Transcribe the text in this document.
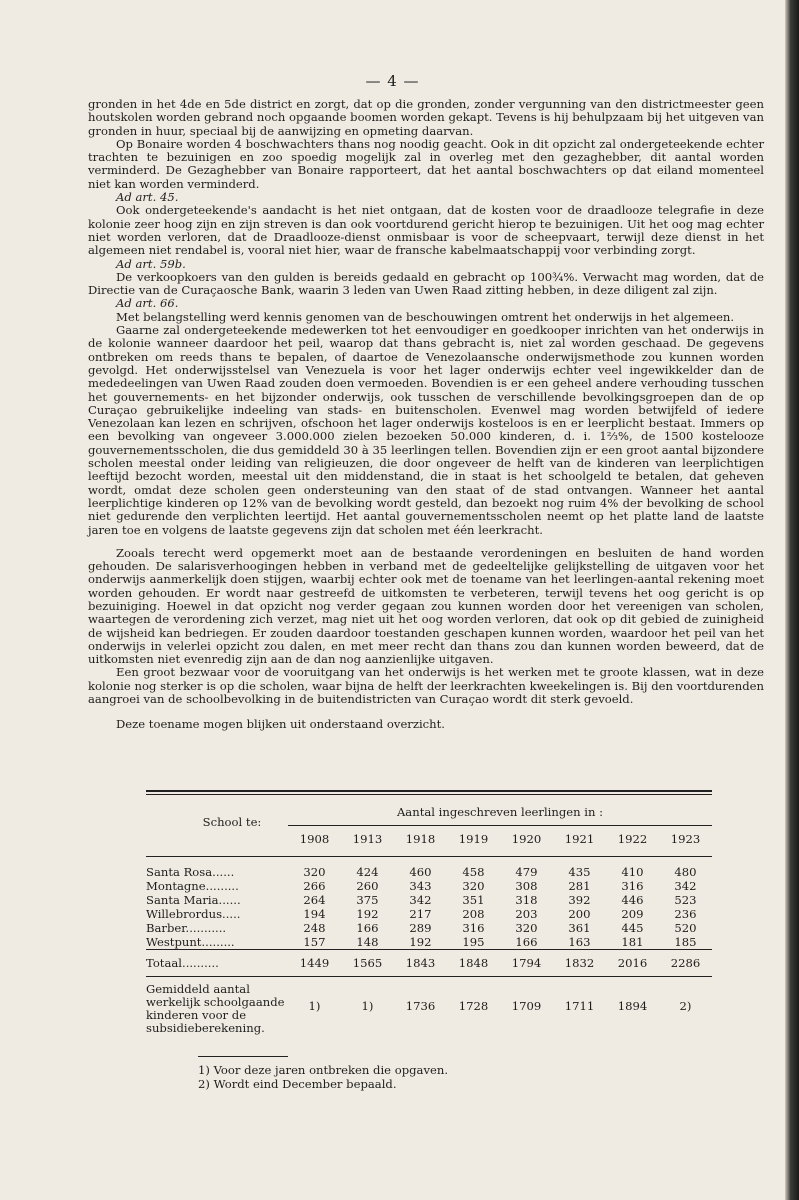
— 4 —

gronden in het 4de en 5de district en zorgt, dat op die gronden, zonder vergunning van den districtmeester geen houtskolen worden gebrand noch opgaande boomen worden gekapt. Tevens is hij behulpzaam bij het uitgeven van gronden in huur, speciaal bij de aanwijzing en opmeting daarvan.

Op Bonaire worden 4 boschwachters thans nog noodig geacht. Ook in dit opzicht zal ondergeteekende echter trachten te bezuinigen en zoo spoedig mogelijk zal in overleg met den gezaghebber, dit aantal worden verminderd. De Gezaghebber van Bonaire rapporteert, dat het aantal boschwachters op dat eiland momenteel niet kan worden verminderd.

Ad art. 45.

Ook ondergeteekende's aandacht is het niet ontgaan, dat de kosten voor de draadlooze telegrafie in deze kolonie zeer hoog zijn en zijn streven is dan ook voortdurend gericht hierop te bezuinigen. Uit het oog mag echter niet worden verloren, dat de Draadlooze-dienst onmisbaar is voor de scheepvaart, terwijl deze dienst in het algemeen niet rendabel is, vooral niet hier, waar de fransche kabelmaatschappij voor verbinding zorgt.

Ad art. 59b.

De verkoopkoers van den gulden is bereids gedaald en gebracht op 100¾%. Verwacht mag worden, dat de Directie van de Curaçaosche Bank, waarin 3 leden van Uwen Raad zitting hebben, in deze diligent zal zijn.

Ad art. 66.

Met belangstelling werd kennis genomen van de beschouwingen omtrent het onderwijs in het algemeen.

Gaarne zal ondergeteekende medewerken tot het eenvoudiger en goedkooper inrichten van het onderwijs in de kolonie wanneer daardoor het peil, waarop dat thans gebracht is, niet zal worden geschaad. De gegevens ontbreken om reeds thans te bepalen, of daartoe de Venezolaansche onderwijsmethode zou kunnen worden gevolgd. Het onderwijsstelsel van Venezuela is voor het lager onderwijs echter veel ingewikkelder dan de mededeelingen van Uwen Raad zouden doen vermoeden. Bovendien is er een geheel andere verhouding tusschen het gouvernements- en het bijzonder onderwijs, ook tusschen de verschillende bevolkingsgroepen dan de op Curaçao gebruikelijke indeeling van stads- en buitenscholen. Evenwel mag worden betwijfeld of iedere Venezolaan kan lezen en schrijven, ofschoon het lager onderwijs kosteloos is en er leerplicht bestaat. Immers op een bevolking van ongeveer 3.000.000 zielen bezoeken 50.000 kinderen, d. i. 1⅔%, de 1500 kostelooze gouvernementsscholen, die dus gemiddeld 30 à 35 leerlingen tellen. Bovendien zijn er een groot aantal bijzondere scholen meestal onder leiding van religieuzen, die door ongeveer de helft van de kinderen van leerplichtigen leeftijd bezocht worden, meestal uit den middenstand, die in staat is het schoolgeld te betalen, dat geheven wordt, omdat deze scholen geen ondersteuning van den staat of de stad ontvangen. Wanneer het aantal leerplichtige kinderen op 12% van de bevolking wordt gesteld, dan bezoekt nog ruim 4% der bevolking de school niet gedurende den verplichten leertijd. Het aantal gouvernementsscholen neemt op het platte land de laatste jaren toe en volgens de laatste gegevens zijn dat scholen met één leerkracht.

Zooals terecht werd opgemerkt moet aan de bestaande verordeningen en besluiten de hand worden gehouden. De salarisverhoogingen hebben in verband met de gedeeltelijke gelijkstelling de uitgaven voor het onderwijs aanmerkelijk doen stijgen, waarbij echter ook met de toename van het leerlingen-aantal rekening moet worden gehouden. Er wordt naar gestreefd de uitkomsten te verbeteren, terwijl tevens het oog gericht is op bezuiniging. Hoewel in dat opzicht nog verder gegaan zou kunnen worden door het vereenigen van scholen, waartegen de verordening zich verzet, mag niet uit het oog worden verloren, dat ook op dit gebied de zuinigheid de wijsheid kan bedriegen. Er zouden daardoor toestanden geschapen kunnen worden, waardoor het peil van het onderwijs in velerlei opzicht zou dalen, en met meer recht dan thans zou dan kunnen worden beweerd, dat de uitkomsten niet evenredig zijn aan de dan nog aanzienlijke uitgaven.

Een groot bezwaar voor de vooruitgang van het onderwijs is het werken met te groote klassen, wat in deze kolonie nog sterker is op die scholen, waar bijna de helft der leerkrachten kweekelingen is. Bij den voortdurenden aangroei van de schoolbevolking in de buitendistricten van Curaçao wordt dit sterk gevoeld.

Deze toename mogen blijken uit onderstaand overzicht.

School te:	Aantal ingeschreven leerlingen in :							
	1908	1913	1918	1919	1920	1921	1922	1923

Santa Rosa......	320	424	460	458	479	435	410	480
Montagne.........	266	260	343	320	308	281	316	342
Santa Maria......	264	375	342	351	318	392	446	523
Willebrordus.....	194	192	217	208	203	200	209	236
Barber...........	248	166	289	316	320	361	445	520
Westpunt.........	157	148	192	195	166	163	181	185
Totaal..........	1449	1565	1843	1848	1794	1832	2016	2286
Gemiddeld aantal werkelijk schoolgaande kinderen voor de subsidieberekening.	1)	1)	1736	1728	1709	1711	1894	2)
1) Voor deze jaren ontbreken die opgaven.
2) Wordt eind December bepaald.
